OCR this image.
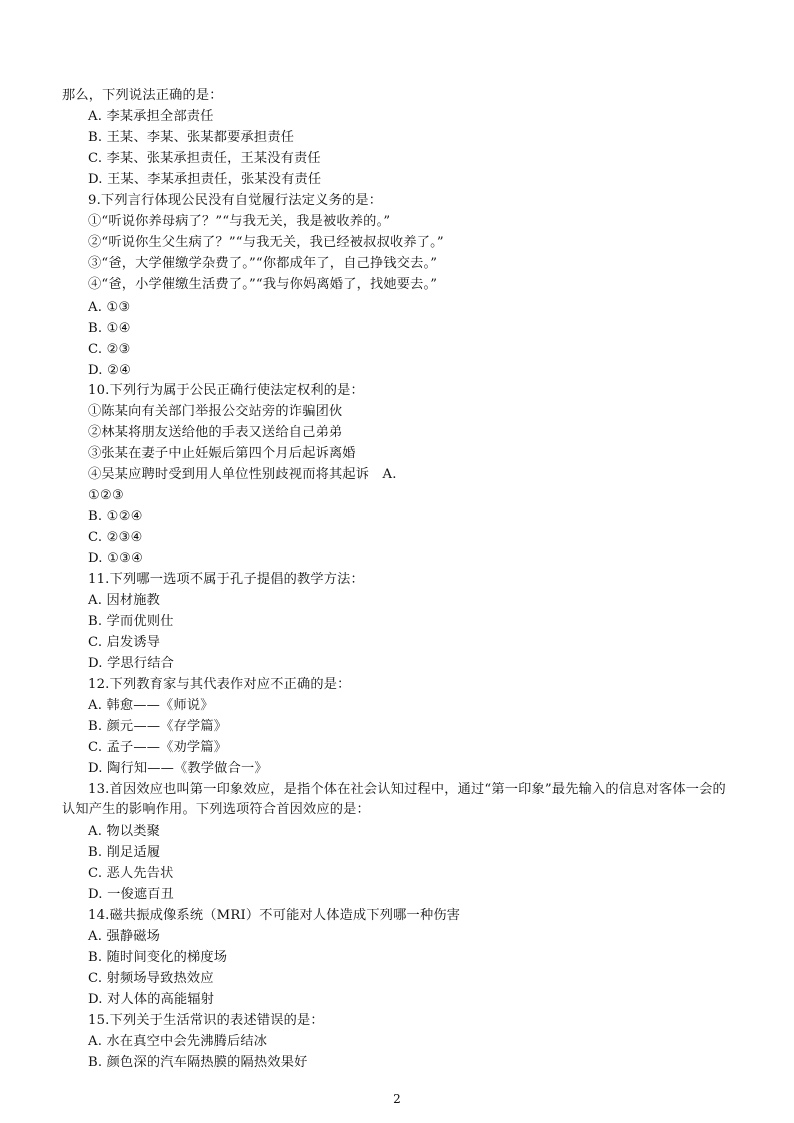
那么，下列说法正确的是：
A. 李某承担全部责任
B. 王某、李某、张某都要承担责任
C. 李某、张某承担责任，王某没有责任
D. 王某、李某承担责任，张某没有责任
9.下列言行体现公民没有自觉履行法定义务的是：
①“听说你养母病了？”“与我无关，我是被收养的。”
②“听说你生父生病了？”“与我无关，我已经被叔叔收养了。”
③“爸，大学催缴学杂费了。”“你都成年了，自己挣钱交去。”
④“爸，小学催缴生活费了。”“我与你妈离婚了，找她要去。”
A. ①③
B. ①④
C. ②③
D. ②④
10.下列行为属于公民正确行使法定权利的是：
①陈某向有关部门举报公交站旁的诈骗团伙
②林某将朋友送给他的手表又送给自己弟弟
③张某在妻子中止妊娠后第四个月后起诉离婚
④吴某应聘时受到用人单位性别歧视而将其起诉　A.
①②③
B. ①②④
C. ②③④
D. ①③④
11.下列哪一选项不属于孔子提倡的教学方法：
A. 因材施教
B. 学而优则仕
C. 启发诱导
D. 学思行结合
12.下列教育家与其代表作对应不正确的是：
A. 韩愈——《师说》
B. 颜元——《存学篇》
C. 孟子——《劝学篇》
D. 陶行知——《教学做合一》
13.首因效应也叫第一印象效应，是指个体在社会认知过程中，通过“第一印象”最先输入的信息对客体一会的认知产生的影响作用。下列选项符合首因效应的是：
A. 物以类聚
B. 削足适履
C. 恶人先告状
D. 一俊遮百丑
14.磁共振成像系统（MRI）不可能对人体造成下列哪一种伤害
A. 强静磁场
B. 随时间变化的梯度场
C. 射频场导致热效应
D. 对人体的高能辐射
15.下列关于生活常识的表述错误的是：
A. 水在真空中会先沸腾后结冰
B. 颜色深的汽车隔热膜的隔热效果好
2
